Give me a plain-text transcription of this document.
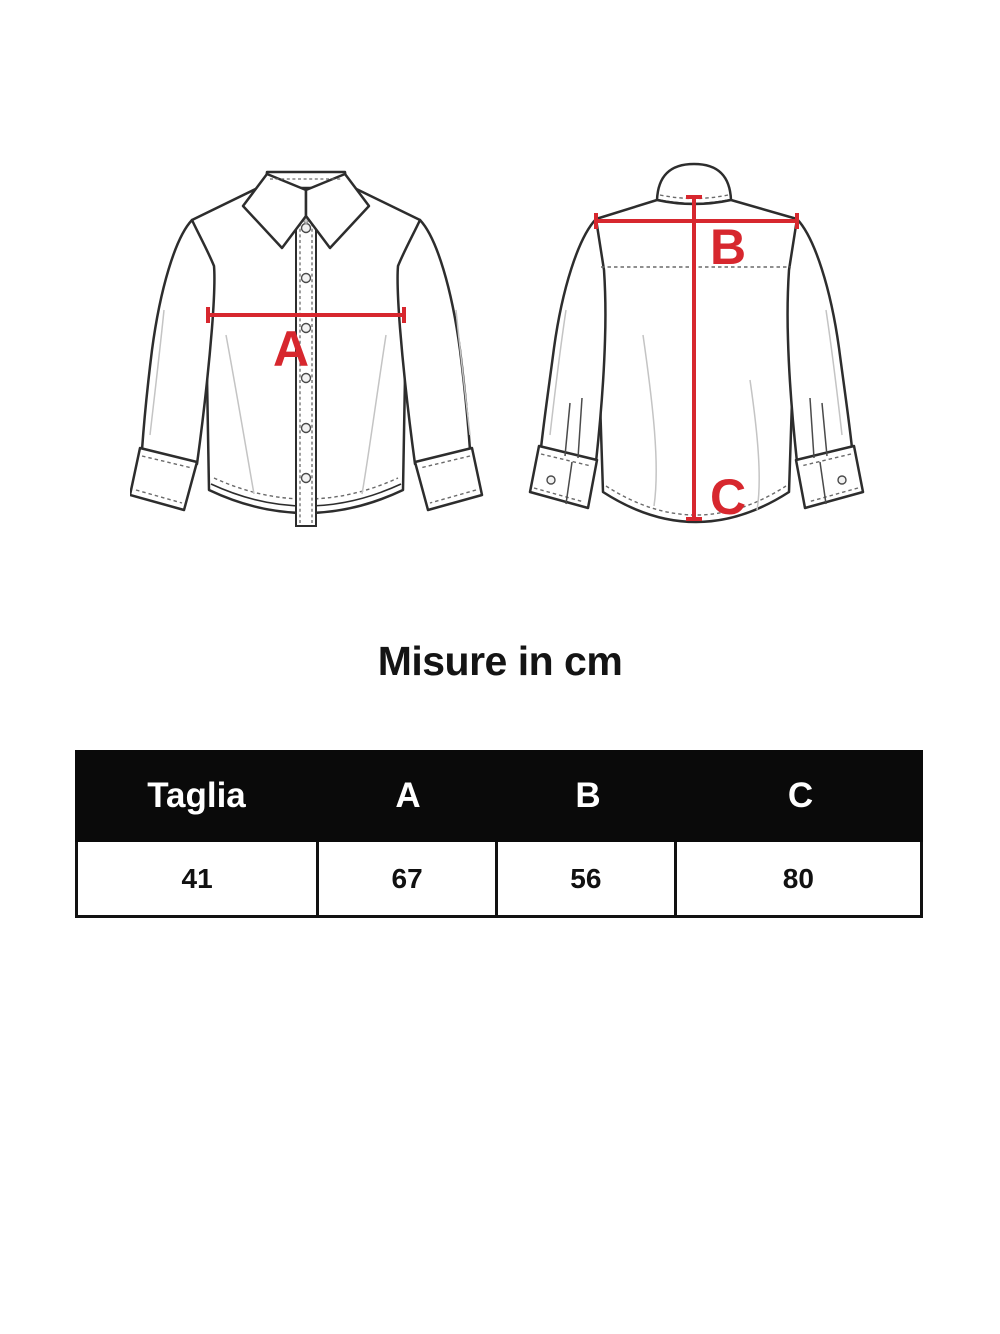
A
B
C
Misure in cm
Taglia	A	B	C
41	67	56	80
